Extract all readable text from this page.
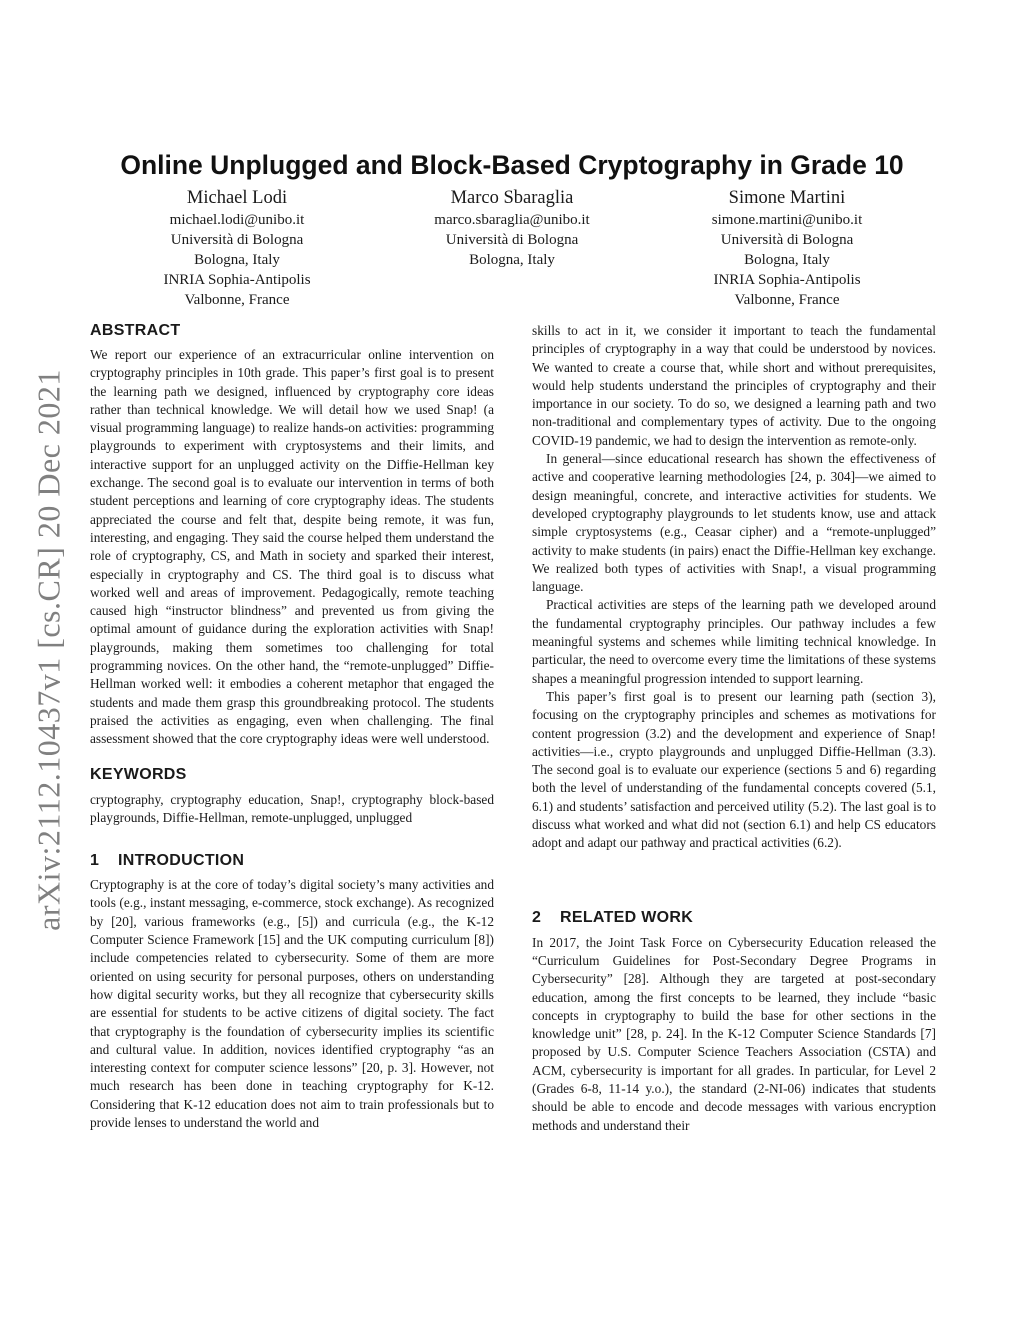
arXiv:2112.10437v1 [cs.CR] 20 Dec 2021
Online Unplugged and Block-Based Cryptography in Grade 10
Michael Lodi
michael.lodi@unibo.it
Università di Bologna
Bologna, Italy
INRIA Sophia-Antipolis
Valbonne, France
Marco Sbaraglia
marco.sbaraglia@unibo.it
Università di Bologna
Bologna, Italy
Simone Martini
simone.martini@unibo.it
Università di Bologna
Bologna, Italy
INRIA Sophia-Antipolis
Valbonne, France
ABSTRACT

We report our experience of an extracurricular online intervention on cryptography principles in 10th grade. This paper’s first goal is to present the learning path we designed, influenced by cryptography core ideas rather than technical knowledge. We will detail how we used Snap! (a visual programming language) to realize hands-on activities: programming playgrounds to experiment with cryptosystems and their limits, and interactive support for an unplugged activity on the Diffie-Hellman key exchange. The second goal is to evaluate our intervention in terms of both student perceptions and learning of core cryptography ideas. The students appreciated the course and felt that, despite being remote, it was fun, interesting, and engaging. They said the course helped them understand the role of cryptography, CS, and Math in society and sparked their interest, especially in cryptography and CS. The third goal is to discuss what worked well and areas of improvement. Pedagogically, remote teaching caused high “instructor blindness” and prevented us from giving the optimal amount of guidance during the exploration activities with Snap! playgrounds, making them sometimes too challenging for total programming novices. On the other hand, the “remote-unplugged” Diffie-Hellman worked well: it embodies a coherent metaphor that engaged the students and made them grasp this groundbreaking protocol. The students praised the activities as engaging, even when challenging. The final assessment showed that the core cryptography ideas were well understood.

KEYWORDS

cryptography, cryptography education, Snap!, cryptography block-based playgrounds, Diffie-Hellman, remote-unplugged, unplugged

1 INTRODUCTION

Cryptography is at the core of today’s digital society’s many activities and tools (e.g., instant messaging, e-commerce, stock exchange). As recognized by [20], various frameworks (e.g., [5]) and curricula (e.g., the K-12 Computer Science Framework [15] and the UK computing curriculum [8]) include competencies related to cybersecurity. Some of them are more oriented on using security for personal purposes, others on understanding how digital security works, but they all recognize that cybersecurity skills are essential for students to be active citizens of digital society. The fact that cryptography is the foundation of cybersecurity implies its scientific and cultural value. In addition, novices identified cryptography “as an interesting context for computer science lessons” [20, p. 3]. However, not much research has been done in teaching cryptography for K-12. Considering that K-12 education does not aim to train professionals but to provide lenses to understand the world and

skills to act in it, we consider it important to teach the fundamental principles of cryptography in a way that could be understood by novices. We wanted to create a course that, while short and without prerequisites, would help students understand the principles of cryptography and their importance in our society. To do so, we designed a learning path and two non-traditional and complementary types of activity. Due to the ongoing COVID-19 pandemic, we had to design the intervention as remote-only.

In general—since educational research has shown the effectiveness of active and cooperative learning methodologies [24, p. 304]—we aimed to design meaningful, concrete, and interactive activities for students. We developed cryptography playgrounds to let students know, use and attack simple cryptosystems (e.g., Ceasar cipher) and a “remote-unplugged” activity to make students (in pairs) enact the Diffie-Hellman key exchange. We realized both types of activities with Snap!, a visual programming language.

Practical activities are steps of the learning path we developed around the fundamental cryptography principles. Our pathway includes a few meaningful systems and schemes while limiting technical knowledge. In particular, the need to overcome every time the limitations of these systems shapes a meaningful progression intended to support learning.

This paper’s first goal is to present our learning path (section 3), focusing on the cryptography principles and schemes as motivations for content progression (3.2) and the development and experience of Snap! activities—i.e., crypto playgrounds and unplugged Diffie-Hellman (3.3). The second goal is to evaluate our experience (sections 5 and 6) regarding both the level of understanding of the fundamental concepts covered (5.1, 6.1) and students’ satisfaction and perceived utility (5.2). The last goal is to discuss what worked and what did not (section 6.1) and help CS educators adopt and adapt our pathway and practical activities (6.2).

2 RELATED WORK

In 2017, the Joint Task Force on Cybersecurity Education released the “Curriculum Guidelines for Post-Secondary Degree Programs in Cybersecurity” [28]. Although they are targeted at post-secondary education, among the first concepts to be learned, they include “basic concepts in cryptography to build the base for other sections in the knowledge unit” [28, p. 24]. In the K-12 Computer Science Standards [7] proposed by U.S. Computer Science Teachers Association (CSTA) and ACM, cybersecurity is important for all grades. In particular, for Level 2 (Grades 6-8, 11-14 y.o.), the standard (2-NI-06) indicates that students should be able to encode and decode messages with various encryption methods and understand their
